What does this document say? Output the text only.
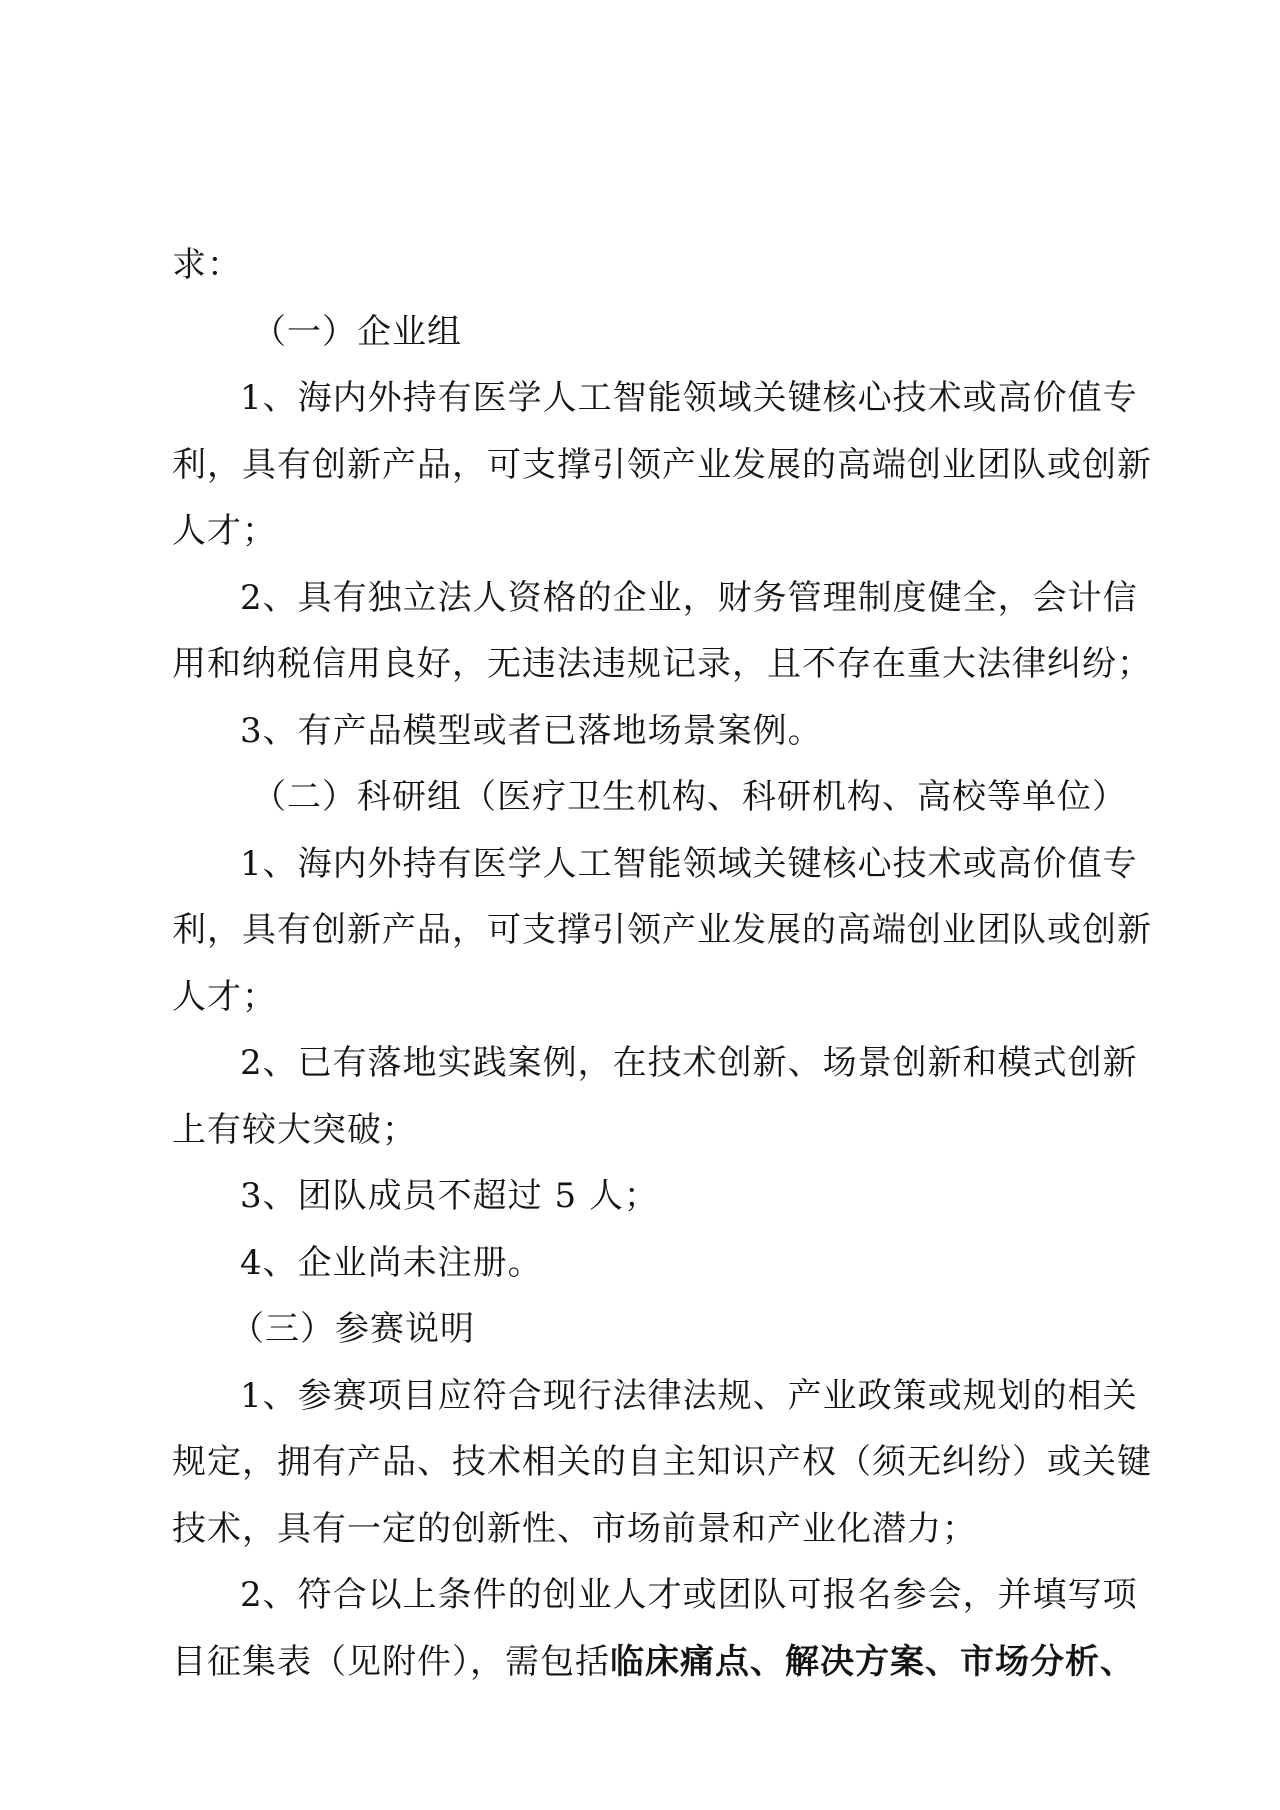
求：
（一）企业组
1、海内外持有医学人工智能领域关键核心技术或高价值专
利，具有创新产品，可支撑引领产业发展的高端创业团队或创新
人才；
2、具有独立法人资格的企业，财务管理制度健全，会计信
用和纳税信用良好，无违法违规记录，且不存在重大法律纠纷；
3、有产品模型或者已落地场景案例。
（二）科研组（医疗卫生机构、科研机构、高校等单位）
1、海内外持有医学人工智能领域关键核心技术或高价值专
利，具有创新产品，可支撑引领产业发展的高端创业团队或创新
人才；
2、已有落地实践案例，在技术创新、场景创新和模式创新
上有较大突破；
3、团队成员不超过 5 人；
4、企业尚未注册。
（三）参赛说明
1、参赛项目应符合现行法律法规、产业政策或规划的相关
规定，拥有产品、技术相关的自主知识产权（须无纠纷）或关键
技术，具有一定的创新性、市场前景和产业化潜力；
2、符合以上条件的创业人才或团队可报名参会，并填写项
目征集表（见附件），需包括临床痛点、解决方案、市场分析、
